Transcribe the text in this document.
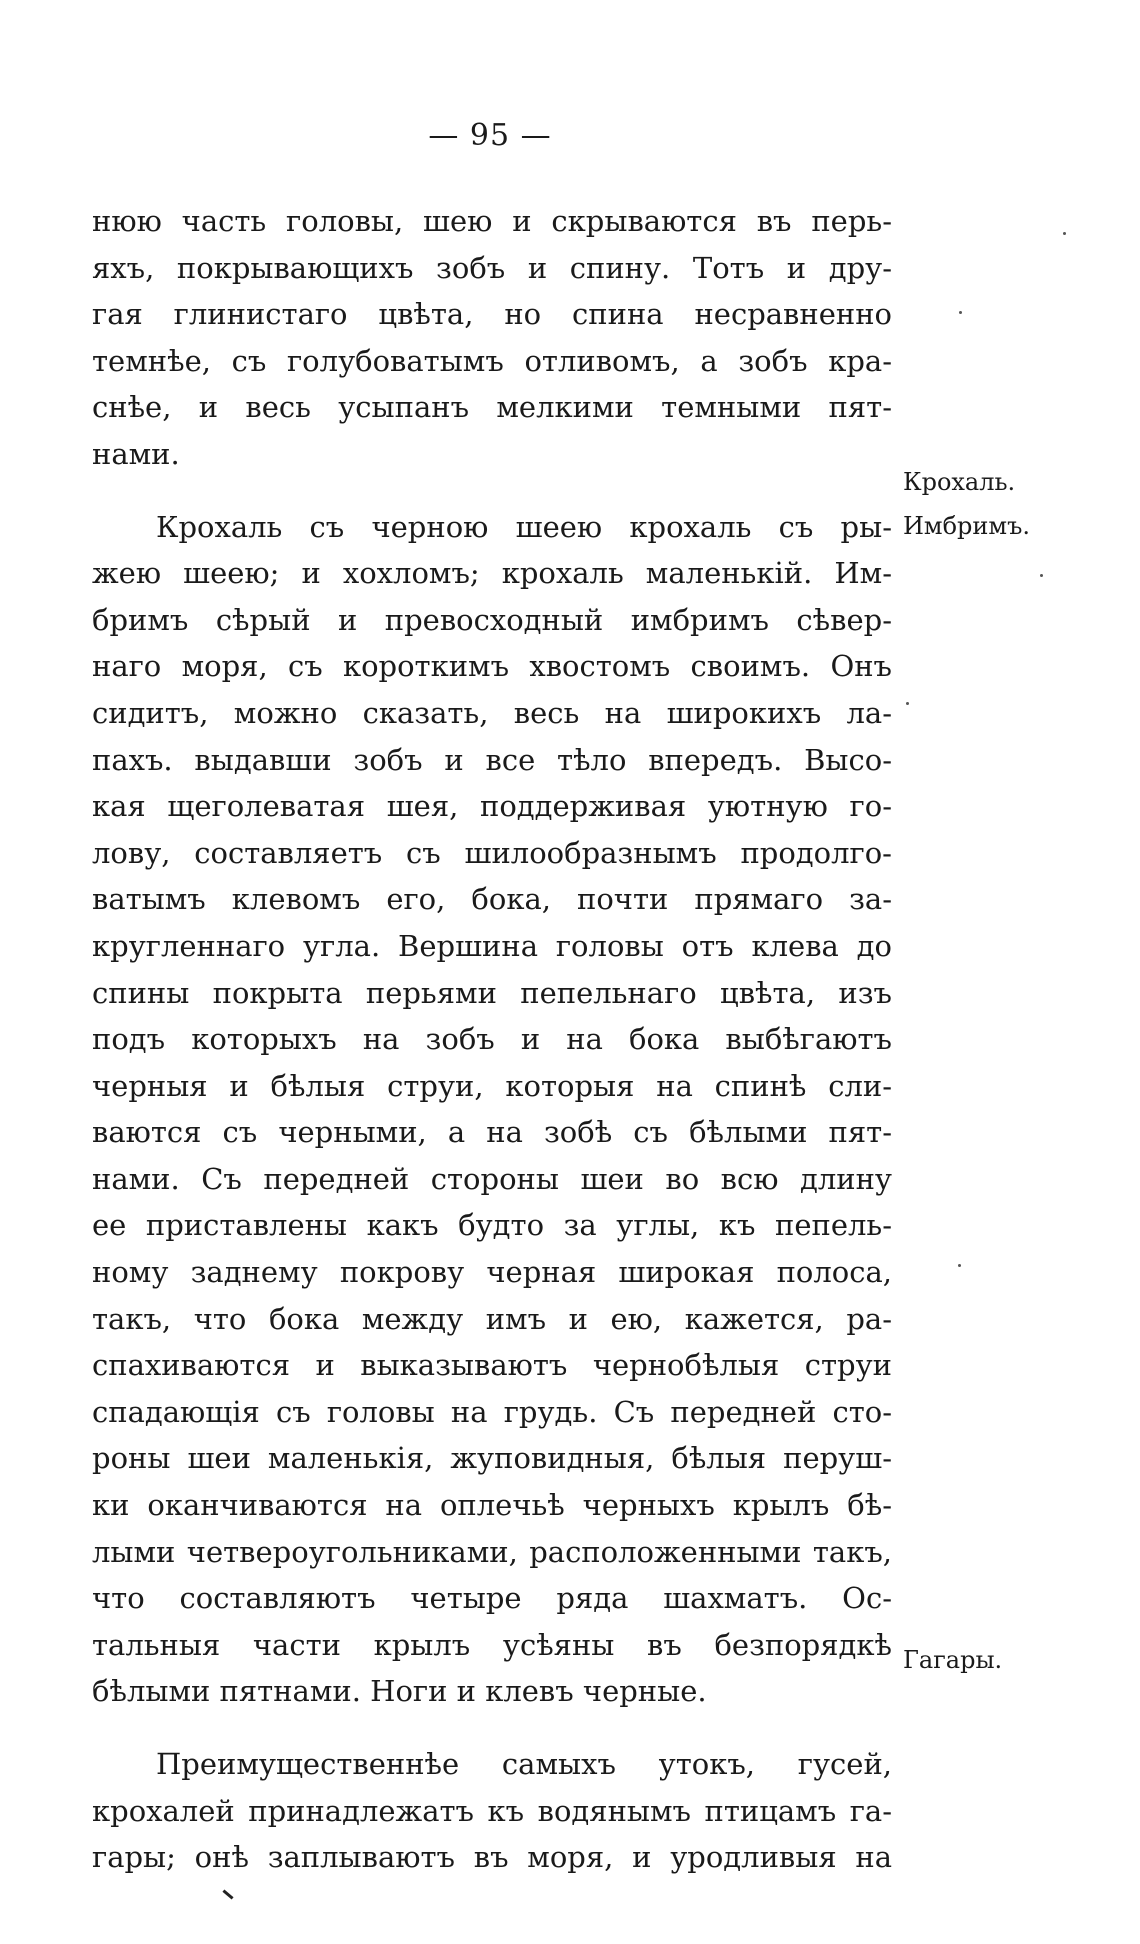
— 95 —
нюю часть головы, шею и скрываются въ перь-
яхъ, покрывающихъ зобъ и спину. Тотъ и дру-
гая глинистаго цвѣта, но спина несравненно
темнѣе, съ голубоватымъ отливомъ, а зобъ кра-
снѣе, и весь усыпанъ мелкими темными пят-
нами.
Крохаль съ черною шеею крохаль съ ры-
жею шеею; и хохломъ; крохаль маленькій. Им-
бримъ сѣрый и превосходный имбримъ сѣвер-
наго моря, съ короткимъ хвостомъ своимъ. Онъ
сидитъ, можно сказать, весь на широкихъ ла-
пахъ. выдавши зобъ и все тѣло впередъ. Высо-
кая щеголеватая шея, поддерживая уютную го-
лову, составляетъ съ шилообразнымъ продолго-
ватымъ клевомъ его, бока, почти прямаго за-
кругленнаго угла. Вершина головы отъ клева до
спины покрыта перьями пепельнаго цвѣта, изъ
подъ которыхъ на зобъ и на бока выбѣгаютъ
черныя и бѣлыя струи, которыя на спинѣ сли-
ваются съ черными, а на зобѣ съ бѣлыми пят-
нами. Съ передней стороны шеи во всю длину
ее приставлены какъ будто за углы, къ пепель-
ному заднему покрову черная широкая полоса,
такъ, что бока между имъ и ею, кажется, ра-
спахиваются и выказываютъ чернобѣлыя струи
спадающія съ головы на грудь. Съ передней сто-
роны шеи маленькія, жуповидныя, бѣлыя перуш-
ки оканчиваются на оплечьѣ черныхъ крылъ бѣ-
лыми четвероугольниками, расположенными такъ,
что составляютъ четыре ряда шахматъ. Ос-
тальныя части крылъ усѣяны въ безпорядкѣ
бѣлыми пятнами. Ноги и клевъ черные.
Преимущественнѣе самыхъ утокъ, гусей,
крохалей принадлежатъ къ водянымъ птицамъ га-
гары; онѣ заплываютъ въ моря, и уродливыя на
Крохаль.
Имбримъ.
Гагары.
